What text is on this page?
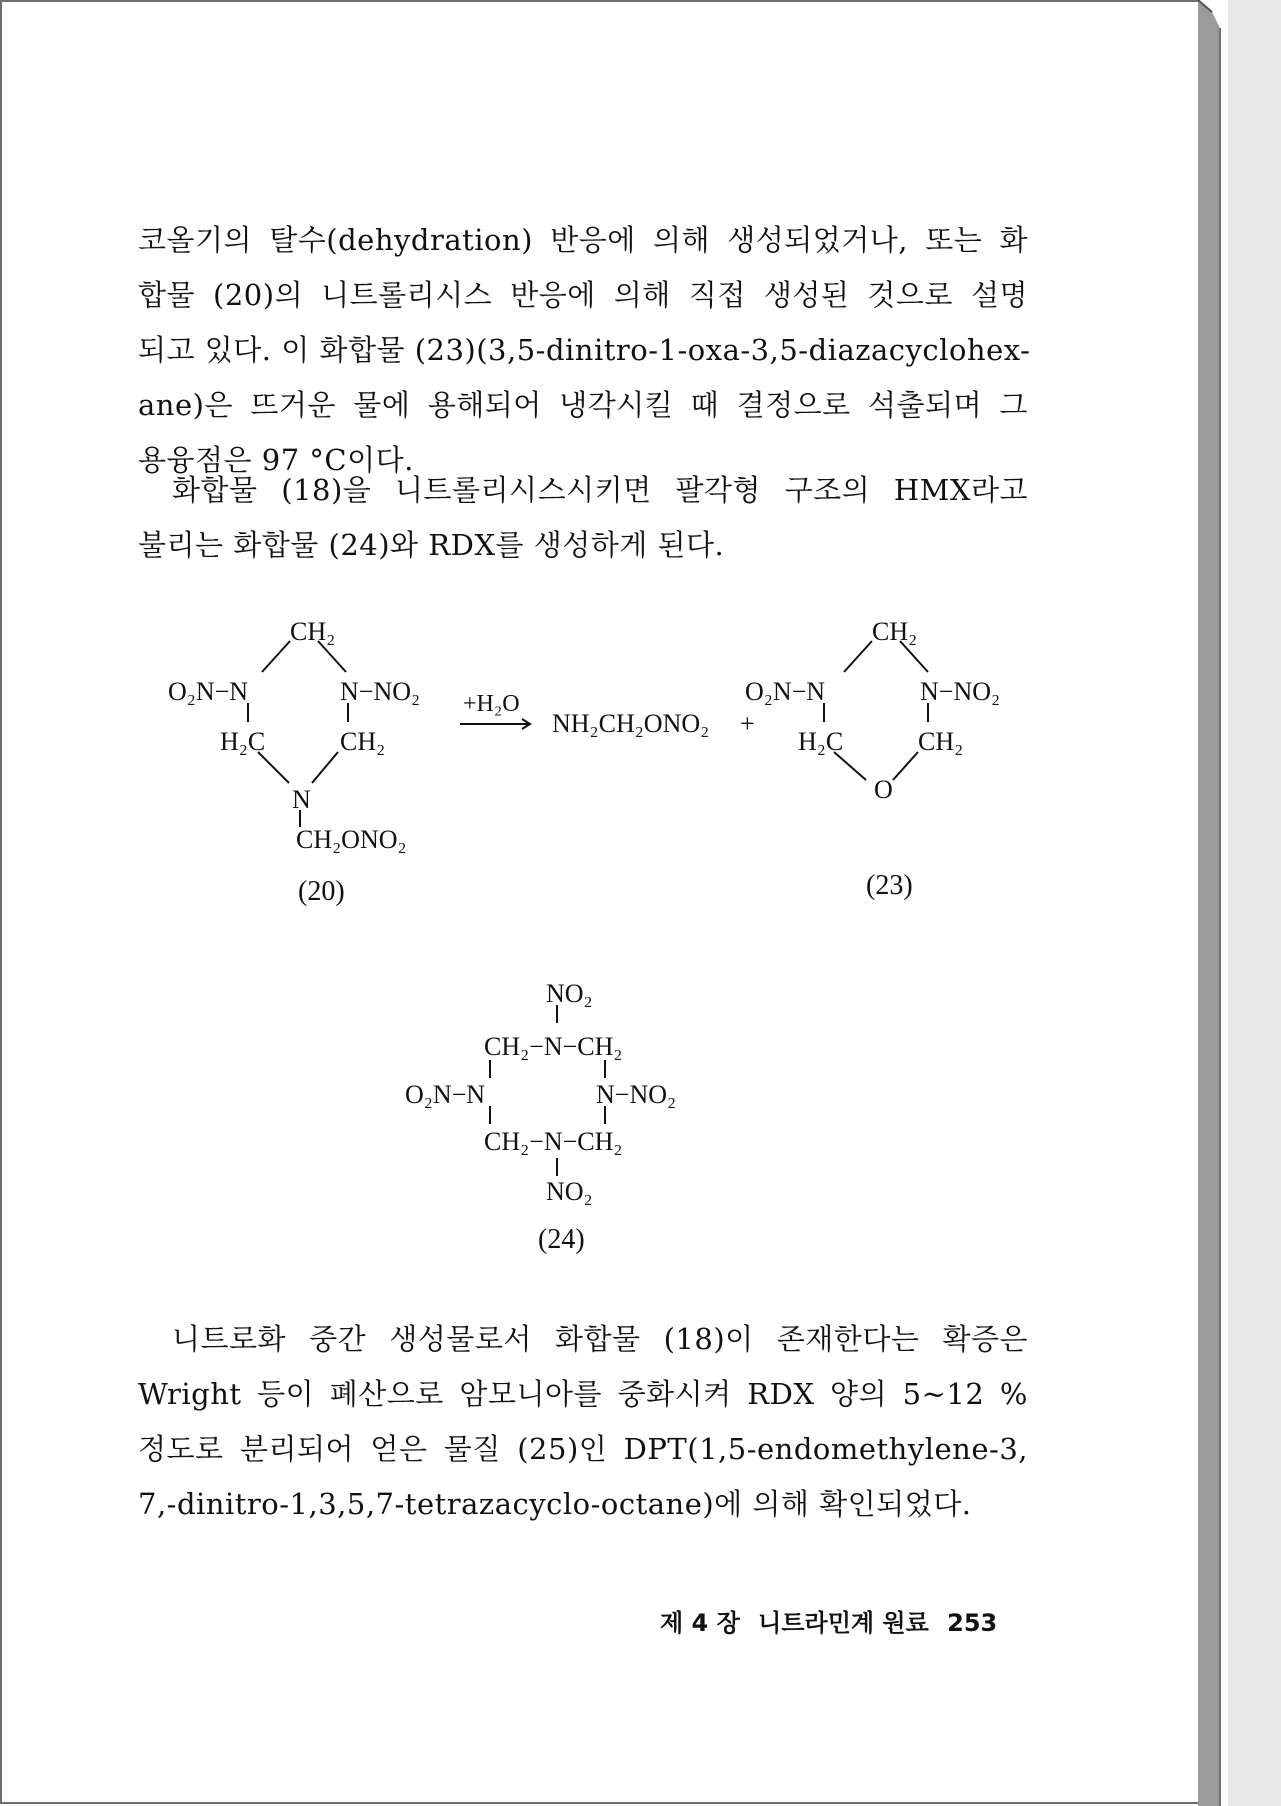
코올기의 탈수(dehydration) 반응에 의해 생성되었거나, 또는 화
합물 (20)의 니트롤리시스 반응에 의해 직접 생성된 것으로 설명
되고 있다. 이 화합물 (23)(3,5-dinitro-1-oxa-3,5-diazacyclohex-
ane)은 뜨거운 물에 용해되어 냉각시킬 때 결정으로 석출되며 그
용융점은 97 °C이다.
화합물 (18)을 니트롤리시스시키면 팔각형 구조의 HMX라고
불리는 화합물 (24)와 RDX를 생성하게 된다.
CH₂
O₂N−N	N−NO₂
H₂C	CH₂
N
CH₂ONO₂
(20)
+H₂O
NH₂CH₂ONO₂ +
CH₂
O₂N−N	N−NO₂
H₂C	CH₂
O
(23)
NO₂
CH₂−N−CH₂
O₂N−N	N−NO₂
CH₂−N−CH₂
NO₂
(24)
니트로화 중간 생성물로서 화합물 (18)이 존재한다는 확증은
Wright 등이 폐산으로 암모니아를 중화시켜 RDX 양의 5~12 %
정도로 분리되어 얻은 물질 (25)인 DPT(1,5-endomethylene-3,
7,-dinitro-1,3,5,7-tetrazacyclo-octane)에 의해 확인되었다.
제 4 장 니트라민계 원료 253
